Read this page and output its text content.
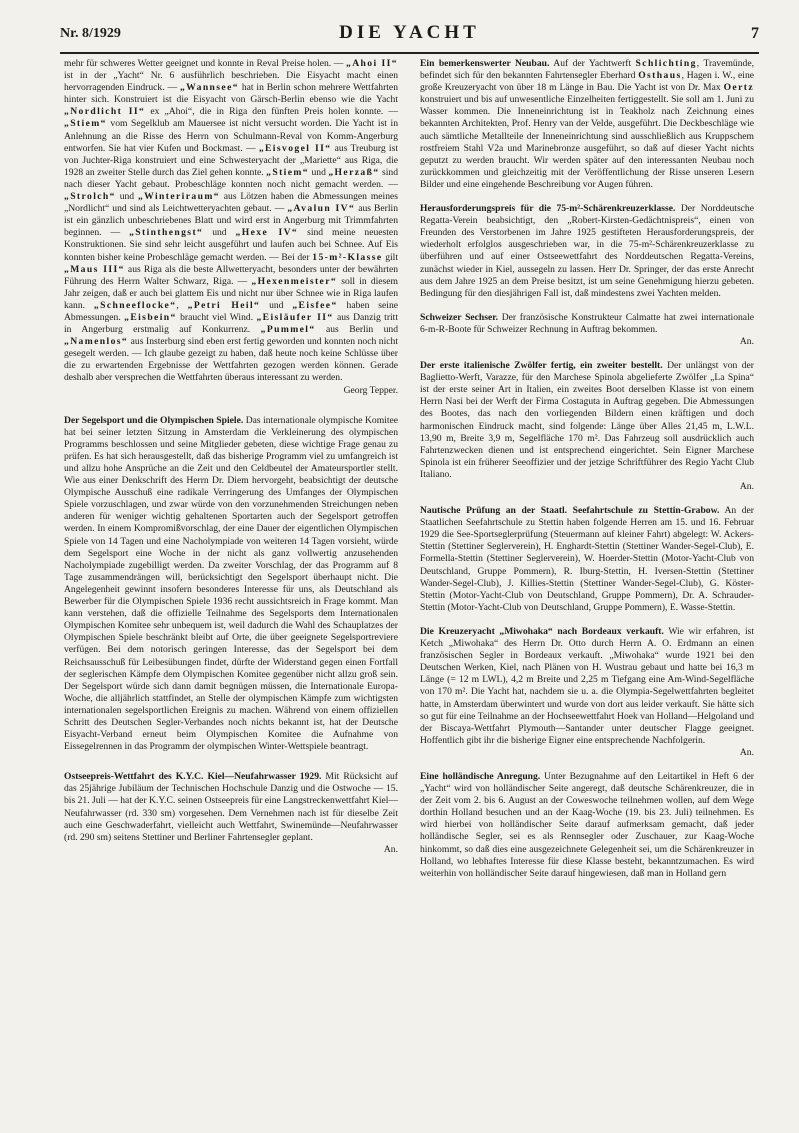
Nr. 8/1929	DIE YACHT	7

mehr für schweres Wetter geeignet und konnte in Reval Preise holen. — „Ahoi II“ ist in der „Yacht“ Nr. 6 ausführlich beschrieben. Die Eisyacht macht einen hervorragenden Eindruck. — „Wannsee“ hat in Berlin schon mehrere Wettfahrten hinter sich. Konstruiert ist die Eisyacht von Gärsch-Berlin ebenso wie die Yacht „Nordlicht II“ ex „Ahoi“, die in Riga den fünften Preis holen konnte. — „Stiem“ vom Segelklub am Mauersee ist nicht versucht worden. Die Yacht ist in Anlehnung an die Risse des Herrn von Schulmann-Reval von Komm-Angerburg entworfen. Sie hat vier Kufen und Bockmast. — „Eisvogel II“ aus Treuburg ist von Juchter-Riga konstruiert und eine Schwesteryacht der „Mariette“ aus Riga, die 1928 an zweiter Stelle durch das Ziel gehen konnte. „Stiem“ und „Herzaß“ sind nach dieser Yacht gebaut. Probeschläge konnten noch nicht gemacht werden. — „Strolch“ und „Winteriraum“ aus Lötzen haben die Abmessungen meines „Nordlicht“ und sind als Leichtwetteryachten gebaut. — „Avalun IV“ aus Berlin ist ein gänzlich unbeschriebenes Blatt und wird erst in Angerburg mit Trimmfahrten beginnen. — „Stinthengst“ und „Hexe IV“ sind meine neuesten Konstruktionen. Sie sind sehr leicht ausgeführt und laufen auch bei Schnee. Auf Eis konnten bisher keine Probeschläge gemacht werden. — Bei der 15-m²-Klasse gilt „Maus III“ aus Riga als die beste Allwetteryacht, besonders unter der bewährten Führung des Herrn Walter Schwarz, Riga. — „Hexenmeister“ soll in diesem Jahr zeigen, daß er auch bei glattem Eis und nicht nur über Schnee wie in Riga laufen kann. „Schneeflocke“, „Petri Heil“ und „Eisfee“ haben seine Abmessungen. „Eisbein“ braucht viel Wind. „Eisläufer II“ aus Danzig tritt in Angerburg erstmalig auf Konkurrenz. „Pummel“ aus Berlin und „Namenlos“ aus Insterburg sind eben erst fertig geworden und konnten noch nicht gesegelt werden. — Ich glaube gezeigt zu haben, daß heute noch keine Schlüsse über die zu erwartenden Ergebnisse der Wettfahrten gezogen werden können. Gerade deshalb aber versprechen die Wettfahrten überaus interessant zu werden.
Georg Tepper.

Der Segelsport und die Olympischen Spiele. Das internationale olympische Komitee hat bei seiner letzten Sitzung in Amsterdam die Verkleinerung des olympischen Programms beschlossen und seine Mitglieder gebeten, diese wichtige Frage genau zu prüfen. Es hat sich herausgestellt, daß das bisherige Programm viel zu umfangreich ist und allzu hohe Ansprüche an die Zeit und den Celdbeutel der Amateursportler stellt. Wie aus einer Denkschrift des Herrn Dr. Diem hervorgeht, beabsichtigt der deutsche Olympische Ausschuß eine radikale Verringerung des Umfanges der Olympischen Spiele vorzuschlagen, und zwar würde von den vorzunehmenden Streichungen neben anderen für weniger wichtig gehaltenen Sportarten auch der Segelsport getroffen werden. In einem Kompromißvorschlag, der eine Dauer der eigentlichen Olympischen Spiele von 14 Tagen und eine Nacholympiade von weiteren 14 Tagen vorsieht, würde dem Segelsport eine Woche in der nicht als ganz vollwertig anzusehenden Nacholympiade zugebilligt werden. Da zweiter Vorschlag, der das Programm auf 8 Tage zusammendrängen will, berücksichtigt den Segelsport überhaupt nicht. Die Angelegenheit gewinnt insofern besonderes Interesse für uns, als Deutschland als Bewerber für die Olympischen Spiele 1936 recht aussichtsreich in Frage kommt. Man kann verstehen, daß die offizielle Teilnahme des Segelsports dem Internationalen Olympischen Komitee sehr unbequem ist, weil dadurch die Wahl des Schauplatzes der Olympischen Spiele beschränkt bleibt auf Orte, die über geeignete Segelsportreviere verfügen. Bei dem notorisch geringen Interesse, das der Segelsport bei dem Reichsausschuß für Leibesübungen findet, dürfte der Widerstand gegen einen Fortfall der seglerischen Kämpfe dem Olympischen Komitee gegenüber nicht allzu groß sein. Der Segelsport würde sich dann damit begnügen müssen, die Internationale Europa-Woche, die alljährlich stattfindet, an Stelle der olympischen Kämpfe zum wichtigsten internationalen segelsportlichen Ereignis zu machen. Während von einem offiziellen Schritt des Deutschen Segler-Verbandes noch nichts bekannt ist, hat der Deutsche Eisyacht-Verband erneut beim Olympischen Komitee die Aufnahme von Eissegelrennen in das Programm der olympischen Winter-Wettspiele beantragt.

Ostseepreis-Wettfahrt des K.Y.C. Kiel—Neufahrwasser 1929. Mit Rücksicht auf das 25jährige Jubiläum der Technischen Hochschule Danzig und die Ostwoche — 15. bis 21. Juli — hat der K.Y.C. seinen Ostseepreis für eine Langstreckenwettfahrt Kiel—Neufahrwasser (rd. 330 sm) vorgesehen. Dem Vernehmen nach ist für dieselbe Zeit auch eine Geschwaderfahrt, vielleicht auch Wettfahrt, Swinemünde—Neufahrwasser (rd. 290 sm) seitens Stettiner und Berliner Fahrtensegler geplant.
An.

Ein bemerkenswerter Neubau. Auf der Yachtwerft Schlichting, Travemünde, befindet sich für den bekannten Fahrtensegler Eberhard Osthaus, Hagen i. W., eine große Kreuzeryacht von über 18 m Länge in Bau. Die Yacht ist von Dr. Max Oertz konstruiert und bis auf unwesentliche Einzelheiten fertiggestellt. Sie soll am 1. Juni zu Wasser kommen. Die Inneneinrichtung ist in Teakholz nach Zeichnung eines bekannten Architekten, Prof. Henry van der Velde, ausgeführt. Die Deckbeschläge wie auch sämtliche Metallteile der Inneneinrichtung sind ausschließlich aus Kruppschem rostfreiem Stahl V2a und Marinebronze ausgeführt, so daß auf dieser Yacht nichts geputzt zu werden braucht. Wir werden später auf den interessanten Neubau noch zurückkommen und gleichzeitig mit der Veröffentlichung der Risse unseren Lesern Bilder und eine eingehende Beschreibung vor Augen führen.

Herausforderungspreis für die 75-m²-Schärenkreuzerklasse. Der Norddeutsche Regatta-Verein beabsichtigt, den „Robert-Kirsten-Gedächtnispreis“, einen von Freunden des Verstorbenen im Jahre 1925 gestifteten Herausforderungspreis, der wiederholt erfolglos ausgeschrieben war, in die 75-m²-Schärenkreuzerklasse zu überführen und auf einer Ostseewettfahrt des Norddeutschen Regatta-Vereins, zunächst wieder in Kiel, aussegeln zu lassen. Herr Dr. Springer, der das erste Anrecht aus dem Jahre 1925 an dem Preise besitzt, ist um seine Genehmigung hierzu gebeten. Bedingung für den diesjährigen Fall ist, daß mindestens zwei Yachten melden.

Schweizer Sechser. Der französische Konstrukteur Calmatte hat zwei internationale 6-m-R-Boote für Schweizer Rechnung in Auftrag bekommen.
An.

Der erste italienische Zwölfer fertig, ein zweiter bestellt. Der unlängst von der Baglietto-Werft, Varazze, für den Marchese Spinola abgelieferte Zwölfer „La Spina“ ist der erste seiner Art in Italien, ein zweites Boot derselben Klasse ist von einem Herrn Nasi bei der Werft der Firma Costaguta in Auftrag gegeben. Die Abmessungen des Bootes, das nach den vorliegenden Bildern einen kräftigen und doch harmonischen Eindruck macht, sind folgende: Länge über Alles 21,45 m, L.W.L. 13,90 m, Breite 3,9 m, Segelfläche 170 m². Das Fahrzeug soll ausdrücklich auch Fahrtenzwecken dienen und ist entsprechend eingerichtet. Sein Eigner Marchese Spinola ist ein früherer Seeoffizier und der jetzige Schriftführer des Regio Yacht Club Italiano.
An.

Nautische Prüfung an der Staatl. Seefahrtschule zu Stettin-Grabow. An der Staatlichen Seefahrtschule zu Stettin haben folgende Herren am 15. und 16. Februar 1929 die See-Sportseglerprüfung (Steuermann auf kleiner Fahrt) abgelegt: W. Ackers-Stettin (Stettiner Seglerverein), H. Enghardt-Stettin (Stettiner Wander-Segel-Club), E. Formella-Stettin (Stettiner Seglerverein), W. Hoerder-Stettin (Motor-Yacht-Club von Deutschland, Gruppe Pommern), R. Iburg-Stettin, H. Iversen-Stettin (Stettiner Wander-Segel-Club), J. Killies-Stettin (Stettiner Wander-Segel-Club), G. Köster-Stettin (Motor-Yacht-Club von Deutschland, Gruppe Pommern), Dr. A. Schrauder-Stettin (Motor-Yacht-Club von Deutschland, Gruppe Pommern), E. Wasse-Stettin.

Die Kreuzeryacht „Miwohaka“ nach Bordeaux verkauft. Wie wir erfahren, ist Ketch „Miwohaka“ des Herrn Dr. Otto durch Herrn A. O. Erdmann an einen französischen Segler in Bordeaux verkauft. „Miwohaka“ wurde 1921 bei den Deutschen Werken, Kiel, nach Plänen von H. Wustrau gebaut und hatte bei 16,3 m Länge (= 12 m LWL), 4,2 m Breite und 2,25 m Tiefgang eine Am-Wind-Segelfläche von 170 m². Die Yacht hat, nachdem sie u. a. die Olympia-Segelwettfahrten begleitet hatte, in Amsterdam überwintert und wurde von dort aus leider verkauft. Sie hätte sich so gut für eine Teilnahme an der Hochseewettfahrt Hoek van Holland—Helgoland und der Biscaya-Wettfahrt Plymouth—Santander unter deutscher Flagge geeignet. Hoffentlich gibt ihr die bisherige Eigner eine entsprechende Nachfolgerin.
An.

Eine holländische Anregung. Unter Bezugnahme auf den Leitartikel in Heft 6 der „Yacht“ wird von holländischer Seite angeregt, daß deutsche Schärenkreuzer, die in der Zeit vom 2. bis 6. August an der Coweswoche teilnehmen wollen, auf dem Wege dorthin Holland besuchen und an der Kaag-Woche (19. bis 23. Juli) teilnehmen. Es wird hierbei von holländischer Seite darauf aufmerksam gemacht, daß jeder holländische Segler, sei es als Rennsegler oder Zuschauer, zur Kaag-Woche hinkommt, so daß dies eine ausgezeichnete Gelegenheit sei, um die Schärenkreuzer in Holland, wo lebhaftes Interesse für diese Klasse besteht, bekanntzumachen. Es wird weiterhin von holländischer Seite darauf hingewiesen, daß man in Holland gern
